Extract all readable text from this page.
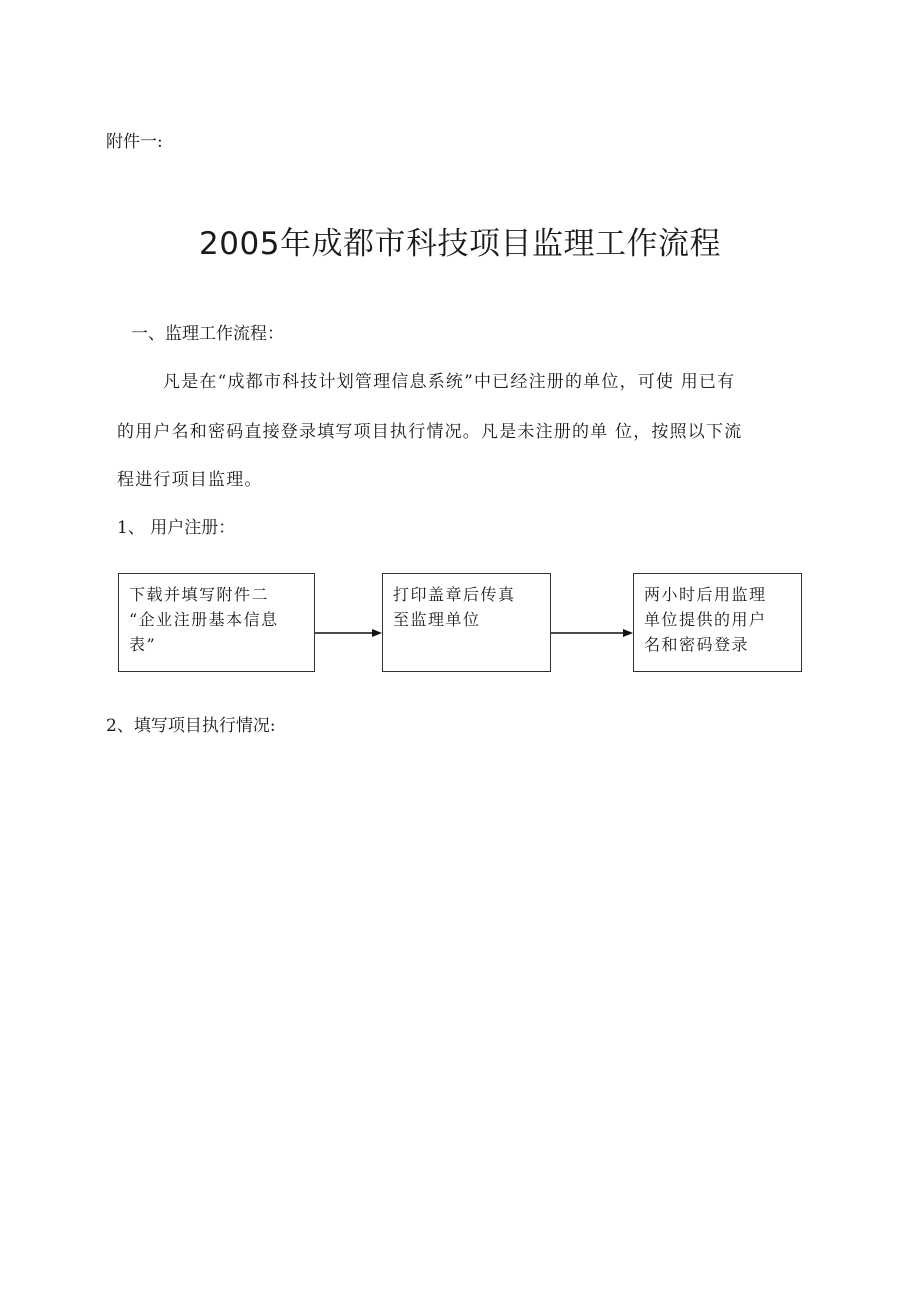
附件一:
2005年成都市科技项目监理工作流程
一、监理工作流程：
凡是在“成都市科技计划管理信息系统”中已经注册的单位，可使 用已有
的用户名和密码直接登录填写项目执行情况。凡是未注册的单 位，按照以下流
程进行项目监理。
1、 用户注册：
下载并填写附件二
“企业注册基本信息
表”
打印盖章后传真
至监理单位
两小时后用监理
单位提供的用户
名和密码登录
2、填写项目执行情况:
